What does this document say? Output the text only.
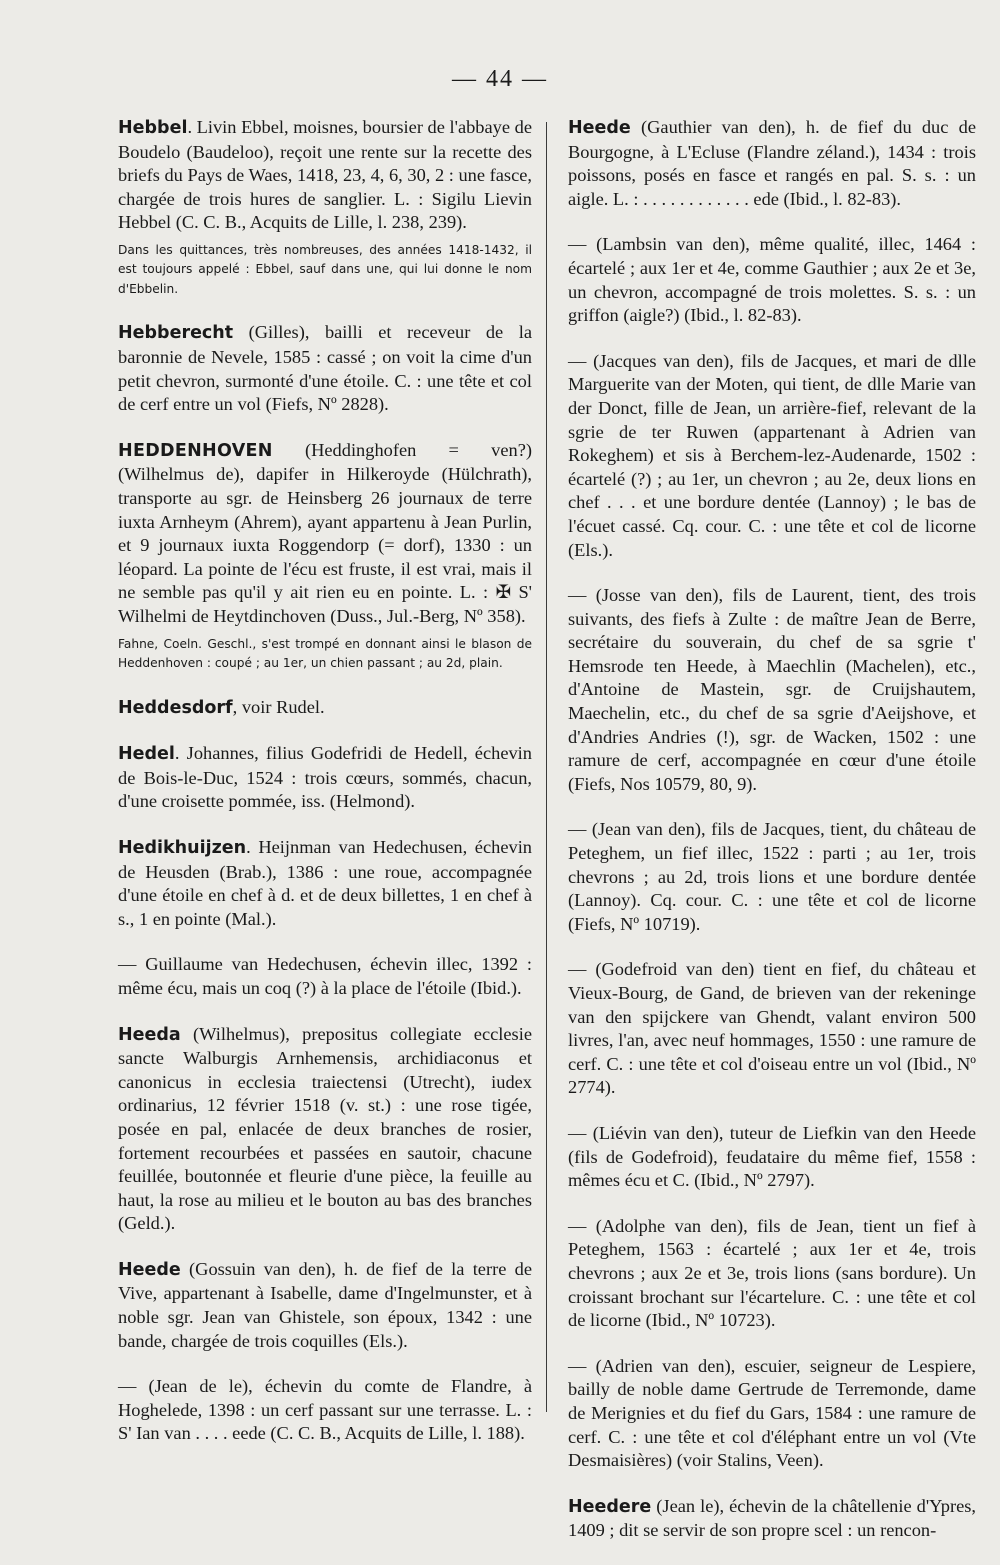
— 44 —

Hebbel. Livin Ebbel, moisnes, boursier de l'abbaye de Boudelo (Baudeloo), reçoit une rente sur la recette des briefs du Pays de Waes, 1418, 23, 4, 6, 30, 2 : une fasce, chargée de trois hures de sanglier. L. : Sigilu Lievin Hebbel (C. C. B., Acquits de Lille, l. 238, 239).

Dans les quittances, très nombreuses, des années 1418-1432, il est toujours appelé : Ebbel, sauf dans une, qui lui donne le nom d'Ebbelin.

Hebberecht (Gilles), bailli et receveur de la baronnie de Nevele, 1585 : cassé ; on voit la cime d'un petit chevron, surmonté d'une étoile. C. : une tête et col de cerf entre un vol (Fiefs, Nº 2828).

HEDDENHOVEN (Heddinghofen = ven?) (Wilhelmus de), dapifer in Hilkeroyde (Hülchrath), transporte au sgr. de Heinsberg 26 journaux de terre iuxta Arnheym (Ahrem), ayant appartenu à Jean Purlin, et 9 journaux iuxta Roggendorp (= dorf), 1330 : un léopard. La pointe de l'écu est fruste, il est vrai, mais il ne semble pas qu'il y ait rien eu en pointe. L. : ✠ S' Wilhelmi de Heytdinchoven (Duss., Jul.-Berg, Nº 358).

Fahne, Coeln. Geschl., s'est trompé en donnant ainsi le blason de Heddenhoven : coupé ; au 1er, un chien passant ; au 2d, plain.

Heddesdorf, voir Rudel.

Hedel. Johannes, filius Godefridi de Hedell, échevin de Bois-le-Duc, 1524 : trois cœurs, sommés, chacun, d'une croisette pommée, iss. (Helmond).

Hedikhuijzen. Heijnman van Hedechusen, échevin de Heusden (Brab.), 1386 : une roue, accompagnée d'une étoile en chef à d. et de deux billettes, 1 en chef à s., 1 en pointe (Mal.).

— Guillaume van Hedechusen, échevin illec, 1392 : même écu, mais un coq (?) à la place de l'étoile (Ibid.).

Heeda (Wilhelmus), prepositus collegiate ecclesie sancte Walburgis Arnhemensis, archidiaconus et canonicus in ecclesia traiectensi (Utrecht), iudex ordinarius, 12 février 1518 (v. st.) : une rose tigée, posée en pal, enlacée de deux branches de rosier, fortement recourbées et passées en sautoir, chacune feuillée, boutonnée et fleurie d'une pièce, la feuille au haut, la rose au milieu et le bouton au bas des branches (Geld.).

Heede (Gossuin van den), h. de fief de la terre de Vive, appartenant à Isabelle, dame d'Ingelmunster, et à noble sgr. Jean van Ghistele, son époux, 1342 : une bande, chargée de trois coquilles (Els.).

— (Jean de le), échevin du comte de Flandre, à Hoghelede, 1398 : un cerf passant sur une terrasse. L. : S' Ian van . . . . eede (C. C. B., Acquits de Lille, l. 188).

Heede (Gauthier van den), h. de fief du duc de Bourgogne, à L'Ecluse (Flandre zéland.), 1434 : trois poissons, posés en fasce et rangés en pal. S. s. : un aigle. L. : . . . . . . . . . . . . ede (Ibid., l. 82-83).

— (Lambsin van den), même qualité, illec, 1464 : écartelé ; aux 1er et 4e, comme Gauthier ; aux 2e et 3e, un chevron, accompagné de trois molettes. S. s. : un griffon (aigle?) (Ibid., l. 82-83).

— (Jacques van den), fils de Jacques, et mari de dlle Marguerite van der Moten, qui tient, de dlle Marie van der Donct, fille de Jean, un arrière-fief, relevant de la sgrie de ter Ruwen (appartenant à Adrien van Rokeghem) et sis à Berchem-lez-Audenarde, 1502 : écartelé (?) ; au 1er, un chevron ; au 2e, deux lions en chef . . . et une bordure dentée (Lannoy) ; le bas de l'écuet cassé. Cq. cour. C. : une tête et col de licorne (Els.).

— (Josse van den), fils de Laurent, tient, des trois suivants, des fiefs à Zulte : de maître Jean de Berre, secrétaire du souverain, du chef de sa sgrie t' Hemsrode ten Heede, à Maechlin (Machelen), etc., d'Antoine de Mastein, sgr. de Cruijshautem, Maechelin, etc., du chef de sa sgrie d'Aeijshove, et d'Andries Andries (!), sgr. de Wacken, 1502 : une ramure de cerf, accompagnée en cœur d'une étoile (Fiefs, Nos 10579, 80, 9).

— (Jean van den), fils de Jacques, tient, du château de Peteghem, un fief illec, 1522 : parti ; au 1er, trois chevrons ; au 2d, trois lions et une bordure dentée (Lannoy). Cq. cour. C. : une tête et col de licorne (Fiefs, Nº 10719).

— (Godefroid van den) tient en fief, du château et Vieux-Bourg, de Gand, de brieven van der rekeninge van den spijckere van Ghendt, valant environ 500 livres, l'an, avec neuf hommages, 1550 : une ramure de cerf. C. : une tête et col d'oiseau entre un vol (Ibid., Nº 2774).

— (Liévin van den), tuteur de Liefkin van den Heede (fils de Godefroid), feudataire du même fief, 1558 : mêmes écu et C. (Ibid., Nº 2797).

— (Adolphe van den), fils de Jean, tient un fief à Peteghem, 1563 : écartelé ; aux 1er et 4e, trois chevrons ; aux 2e et 3e, trois lions (sans bordure). Un croissant brochant sur l'écartelure. C. : une tête et col de licorne (Ibid., Nº 10723).

— (Adrien van den), escuier, seigneur de Lespiere, bailly de noble dame Gertrude de Terremonde, dame de Merignies et du fief du Gars, 1584 : une ramure de cerf. C. : une tête et col d'éléphant entre un vol (Vte Desmaisières) (voir Stalins, Veen).

Heedere (Jean le), échevin de la châtellenie d'Ypres, 1409 ; dit se servir de son propre scel : un rencon-
